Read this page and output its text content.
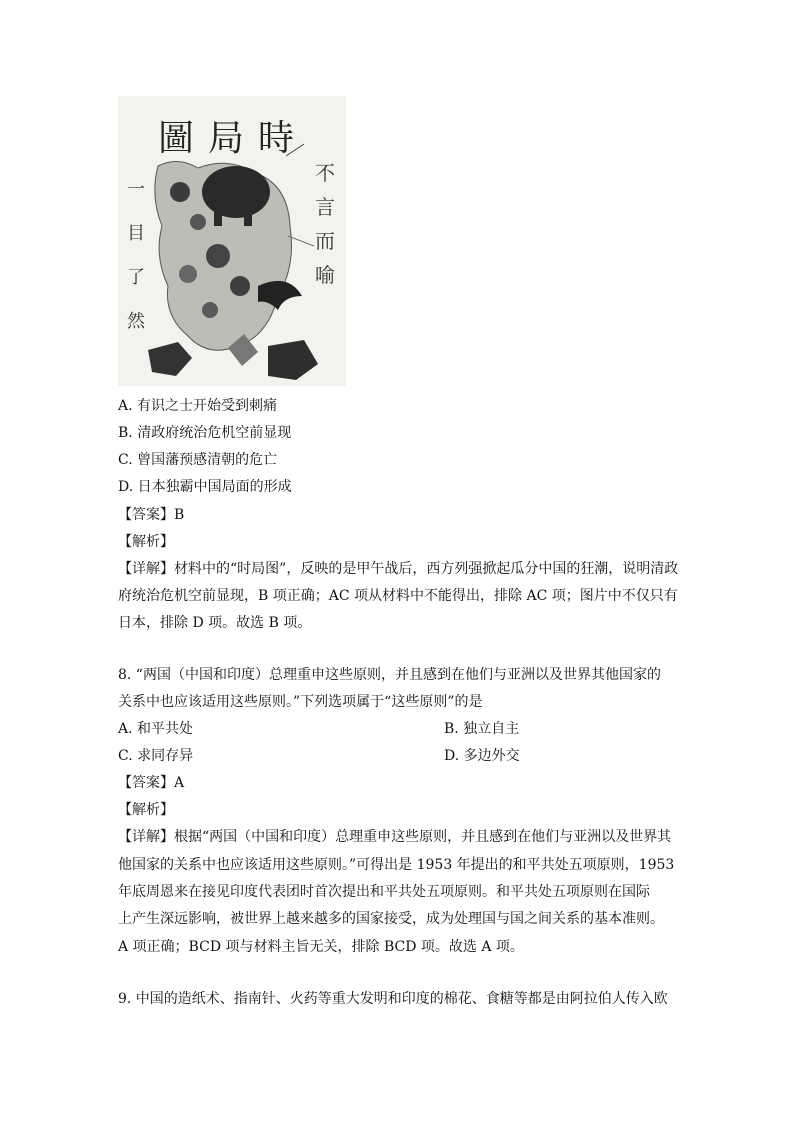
圖局時
不
言
而
喻
一
目
了
然
A. 有识之士开始受到刺痛
B. 清政府统治危机空前显现
C. 曾国藩预感清朝的危亡
D. 日本独霸中国局面的形成
【答案】B
【解析】
【详解】材料中的“时局图”，反映的是甲午战后，西方列强掀起瓜分中国的狂潮，说明清政
府统治危机空前显现，B 项正确；AC 项从材料中不能得出，排除 AC 项；图片中不仅只有
日本，排除 D 项。故选 B 项。
8. “两国（中国和印度）总理重申这些原则，并且感到在他们与亚洲以及世界其他国家的
关系中也应该适用这些原则。”下列选项属于“这些原则”的是
A. 和平共处	B. 独立自主
C. 求同存异	D. 多边外交
【答案】A
【解析】
【详解】根据“两国（中国和印度）总理重申这些原则，并且感到在他们与亚洲以及世界其
他国家的关系中也应该适用这些原则。”可得出是 1953 年提出的和平共处五项原则，1953
年底周恩来在接见印度代表团时首次提出和平共处五项原则。和平共处五项原则在国际
上产生深远影响，被世界上越来越多的国家接受，成为处理国与国之间关系的基本准则。
A 项正确；BCD 项与材料主旨无关，排除 BCD 项。故选 A 项。
9. 中国的造纸术、指南针、火药等重大发明和印度的棉花、食糖等都是由阿拉伯人传入欧
